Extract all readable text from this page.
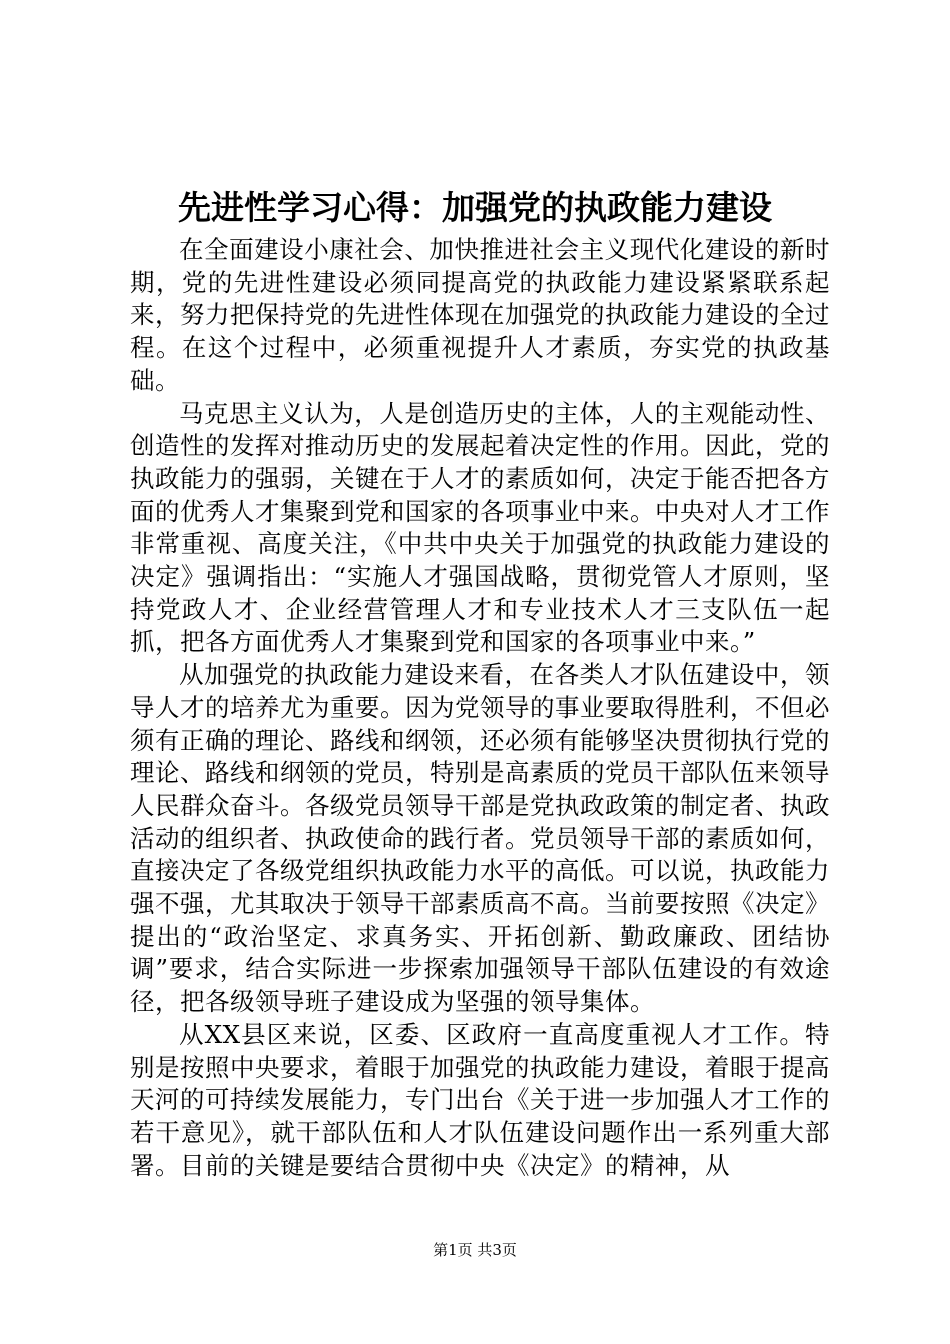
先进性学习心得：加强党的执政能力建设

在全面建设小康社会、加快推进社会主义现代化建设的新时期，党的先进性建设必须同提高党的执政能力建设紧紧联系起来，努力把保持党的先进性体现在加强党的执政能力建设的全过程。在这个过程中，必须重视提升人才素质，夯实党的执政基础。

马克思主义认为，人是创造历史的主体，人的主观能动性、创造性的发挥对推动历史的发展起着决定性的作用。因此，党的执政能力的强弱，关键在于人才的素质如何，决定于能否把各方面的优秀人才集聚到党和国家的各项事业中来。中央对人才工作非常重视、高度关注，《中共中央关于加强党的执政能力建设的决定》强调指出：“实施人才强国战略，贯彻党管人才原则，坚持党政人才、企业经营管理人才和专业技术人才三支队伍一起抓，把各方面优秀人才集聚到党和国家的各项事业中来。”

从加强党的执政能力建设来看，在各类人才队伍建设中，领导人才的培养尤为重要。因为党领导的事业要取得胜利，不但必须有正确的理论、路线和纲领，还必须有能够坚决贯彻执行党的理论、路线和纲领的党员，特别是高素质的党员干部队伍来领导人民群众奋斗。各级党员领导干部是党执政政策的制定者、执政活动的组织者、执政使命的践行者。党员领导干部的素质如何，直接决定了各级党组织执政能力水平的高低。可以说，执政能力强不强，尤其取决于领导干部素质高不高。当前要按照《决定》提出的“政治坚定、求真务实、开拓创新、勤政廉政、团结协调”要求，结合实际进一步探索加强领导干部队伍建设的有效途径，把各级领导班子建设成为坚强的领导集体。

从XX县区来说，区委、区政府一直高度重视人才工作。特别是按照中央要求，着眼于加强党的执政能力建设，着眼于提高天河的可持续发展能力，专门出台《关于进一步加强人才工作的若干意见》，就干部队伍和人才队伍建设问题作出一系列重大部署。目前的关键是要结合贯彻中央《决定》的精神，从

第1页 共3页
